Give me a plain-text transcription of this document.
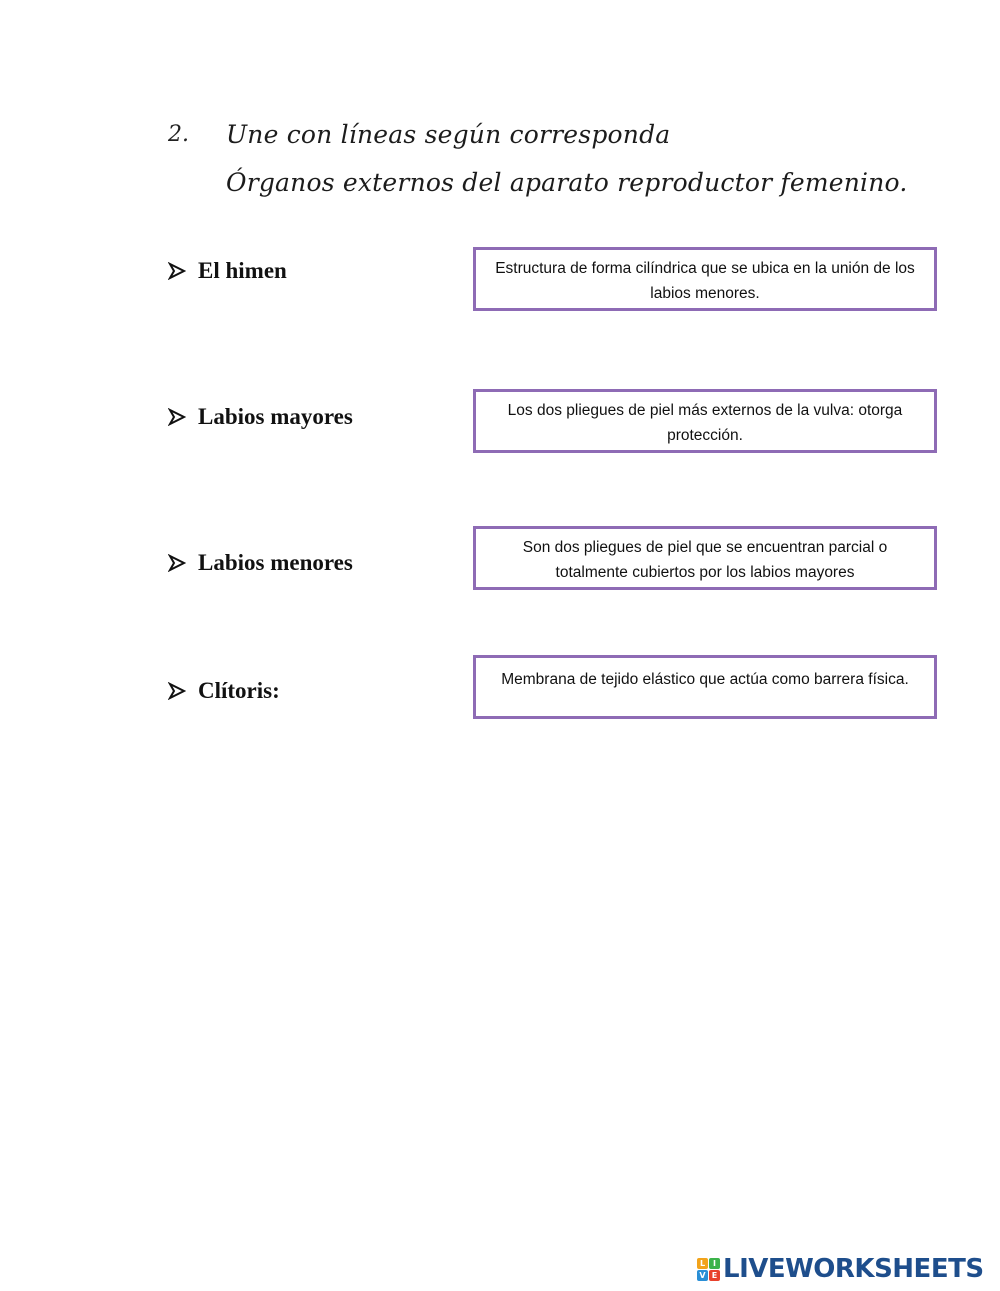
2. Une con líneas según corresponda
Órganos externos del aparato reproductor femenino.
El himen
Labios mayores
Labios menores
Clítoris:
Estructura de forma cilíndrica que se ubica en la unión de los labios menores.
Los dos pliegues de piel más externos de la vulva: otorga protección.
Son dos pliegues de piel que se encuentran parcial o totalmente cubiertos por los labios mayores
Membrana de tejido elástico que actúa como barrera física.
L I
V E LIVEWORKSHEETS
